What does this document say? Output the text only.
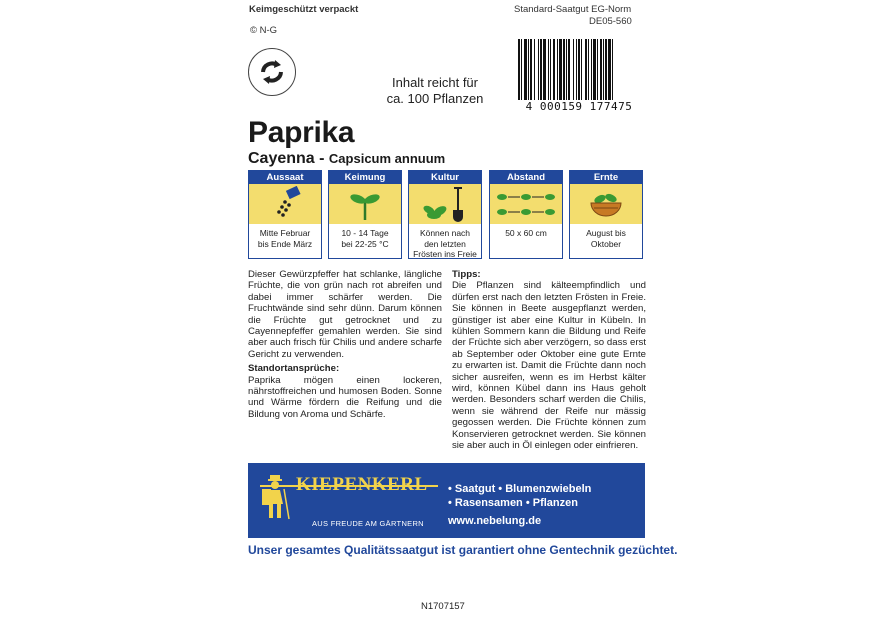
Keimgeschützt verpackt
© N-G
Standard-Saatgut EG-Norm
DE05-560
Inhalt reicht für
ca. 100 Pflanzen
4 000159 177475
Paprika
Cayenna - Capsicum annuum
Aussaat
Mitte Februar
bis Ende März
Keimung
10 - 14 Tage
bei 22-25 °C
Kultur
Können nach
den letzten
Frösten ins Freie
Abstand
50 x 60 cm
Ernte
August bis
Oktober
Dieser Gewürzpfeffer hat schlanke, längliche Früchte, die von grün nach rot abreifen und dabei immer schärfer werden. Die Fruchtwände sind sehr dünn. Darum können die Früchte gut getrocknet und zu Cayennepfeffer gemahlen werden. Sie sind aber auch frisch für Chilis und andere scharfe Gericht zu verwenden.
Standortansprüche:
Paprika mögen einen lockeren, nährstoffreichen und humosen Boden. Sonne und Wärme fördern die Reifung und die Bildung von Aroma und Schärfe.
Tipps:
Die Pflanzen sind kälteempfindlich und dürfen erst nach den letzten Frösten in Freie. Sie können in Beete ausgepflanzt werden, günstiger ist aber eine Kultur in Kübeln. In kühlen Sommern kann die Bildung und Reife der Früchte sich aber verzögern, so dass erst ab September oder Oktober eine gute Ernte zu erwarten ist. Damit die Früchte dann noch sicher ausreifen, wenn es im Herbst kälter wird, können Kübel dann ins Haus geholt werden. Besonders scharf werden die Chilis, wenn sie während der Reife nur mässig gegossen werden. Die Früchte können zum Konservieren getrocknet werden. Sie können sie aber auch in Öl einlegen oder einfrieren.
KIEPENKERL
AUS FREUDE AM GÄRTNERN
• Saatgut • Blumenzwiebeln
• Rasensamen • Pflanzen
www.nebelung.de
Unser gesamtes Qualitätssaatgut ist garantiert ohne Gentechnik gezüchtet.
N1707157
